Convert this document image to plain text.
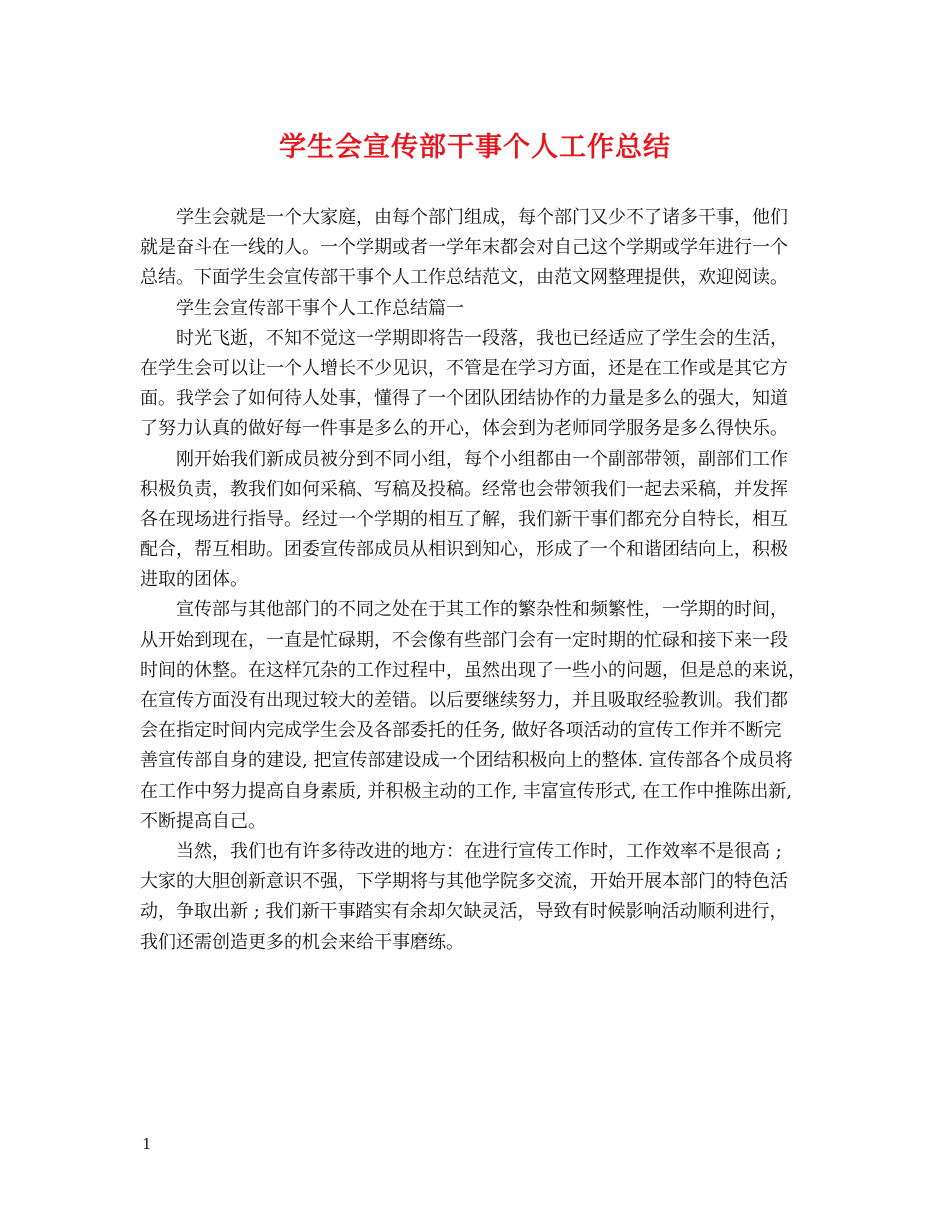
学生会宣传部干事个人工作总结
学生会就是一个大家庭，由每个部门组成，每个部门又少不了诸多干事，他们
就是奋斗在一线的人。一个学期或者一学年末都会对自己这个学期或学年进行一个
总结。下面学生会宣传部干事个人工作总结范文，由范文网整理提供，欢迎阅读。
学生会宣传部干事个人工作总结篇一
时光飞逝，不知不觉这一学期即将告一段落，我也已经适应了学生会的生活，
在学生会可以让一个人增长不少见识，不管是在学习方面，还是在工作或是其它方
面。我学会了如何待人处事，懂得了一个团队团结协作的力量是多么的强大，知道
了努力认真的做好每一件事是多么的开心，体会到为老师同学服务是多么得快乐。
刚开始我们新成员被分到不同小组，每个小组都由一个副部带领，副部们工作
积极负责，教我们如何采稿、写稿及投稿。经常也会带领我们一起去采稿，并发挥
各在现场进行指导。经过一个学期的相互了解，我们新干事们都充分自特长，相互
配合，帮互相助。团委宣传部成员从相识到知心，形成了一个和谐团结向上，积极
进取的团体。
宣传部与其他部门的不同之处在于其工作的繁杂性和频繁性，一学期的时间，
从开始到现在，一直是忙碌期，不会像有些部门会有一定时期的忙碌和接下来一段
时间的休整。在这样冗杂的工作过程中，虽然出现了一些小的问题，但是总的来说，
在宣传方面没有出现过较大的差错。以后要继续努力，并且吸取经验教训。我们都
会在指定时间内完成学生会及各部委托的任务, 做好各项活动的宣传工作并不断完
善宣传部自身的建设, 把宣传部建设成一个团结积极向上的整体. 宣传部各个成员将
在工作中努力提高自身素质, 并积极主动的工作, 丰富宣传形式, 在工作中推陈出新,
不断提高自己。
当然，我们也有许多待改进的地方：在进行宣传工作时，工作效率不是很高 ;
大家的大胆创新意识不强，下学期将与其他学院多交流，开始开展本部门的特色活
动，争取出新 ; 我们新干事踏实有余却欠缺灵活，导致有时候影响活动顺利进行，
我们还需创造更多的机会来给干事磨练。
1
